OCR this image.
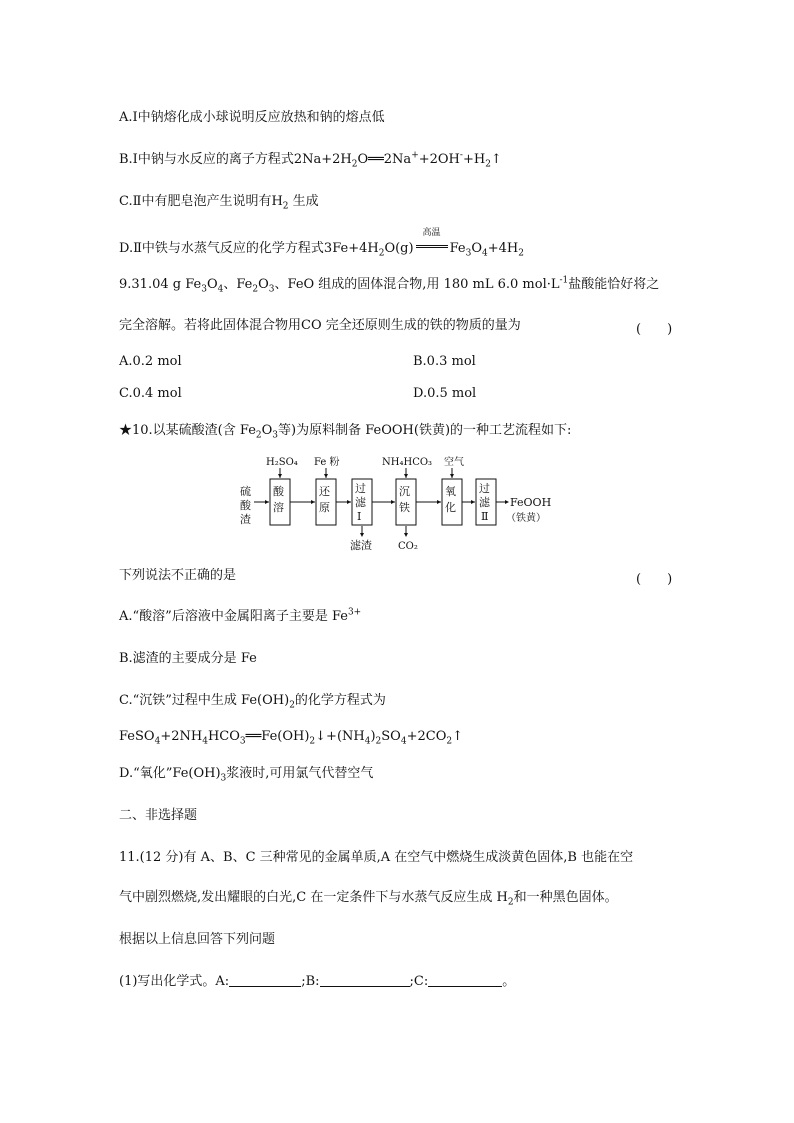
A.Ⅰ中钠熔化成小球说明反应放热和钠的熔点低
B.Ⅰ中钠与水反应的离子方程式$2Na+2H_2O══2Na^++2OH^-+H_2↑$
C.Ⅱ中有肥皂泡产生说明有$H_2$ 生成
D.Ⅱ中铁与水蒸气反应的化学方程式$3Fe+4H_2O(g)$
高温
$Fe_3O_4+4H_2$
9.31.04 g $Fe_3O_4$、$Fe_2O_3$、FeO 组成的固体混合物,用 180 mL 6.0 $mol\cdot L^{-1}$盐酸能恰好将之
完全溶解。若将此固体混合物用CO 完全还原则生成的铁的物质的量为	(　　)
A.0.2 mol	B.0.3 mol
C.0.4 mol	D.0.5 mol
★10.以某硫酸渣(含 $Fe_2O_3$等)为原料制备 FeOOH(铁黄)的一种工艺流程如下:
硫
酸
渣
H₂SO₄ Fe 粉	NH₄HCO₃ 空气
酸
溶
还
原
过
滤
Ⅰ
沉
铁
氧
化
过
滤
Ⅱ
滤渣	CO₂
FeOOH
（铁黄）
下列说法不正确的是	(　　)
A.“酸溶”后溶液中金属阳离子主要是 $Fe^{3+}$
B.滤渣的主要成分是 Fe
C.“沉铁”过程中生成 $Fe(OH)_2$的化学方程式为
$FeSO_4+2NH_4HCO_3══Fe(OH)_2↓+(NH_4)_2SO_4+2CO_2↑$
D.“氧化$”Fe(OH)_3$浆液时,可用氯气代替空气
二、非选择题
11.(12 分)有 A、B、C 三种常见的金属单质,A 在空气中燃烧生成淡黄色固体,B 也能在空
气中剧烈燃烧,发出耀眼的白光,C 在一定条件下与水蒸气反应生成 $H_2$和一种黑色固体。
根据以上信息回答下列问题
(1)写出化学式。A:	;B:	;C:	。
